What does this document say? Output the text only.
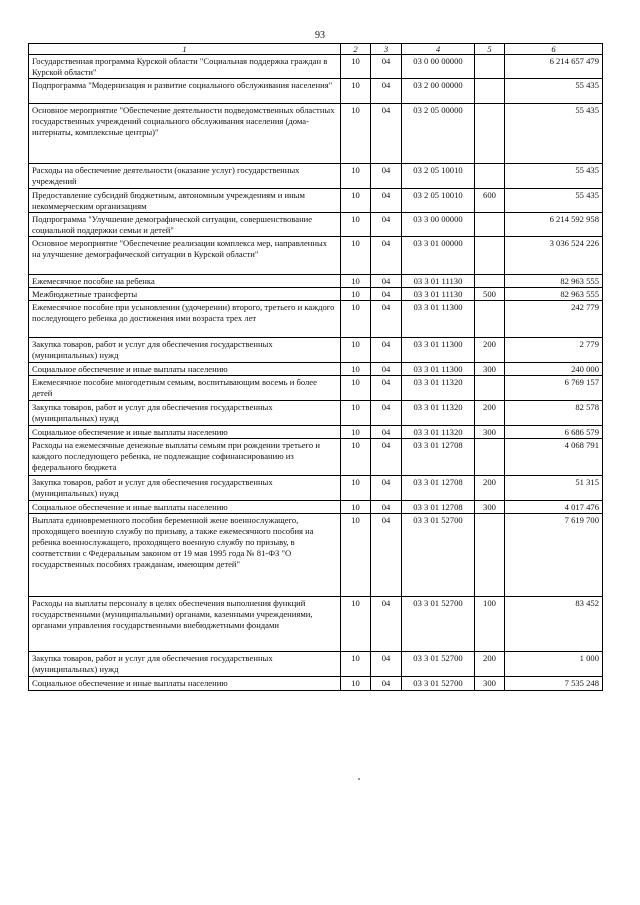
93
1	2	3	4	5	6
Государственная программа Курской области "Социальная поддержка граждан в Курской области"	10	04	03 0 00 00000		6 214 657 479
Подпрограмма "Модернизация и развитие социального обслуживания населения"	10	04	03 2 00 00000		55 435
Основное мероприятие "Обеспечение деятельности подведомственных областных государственных учреждений социального обслуживания населения (дома-интернаты, комплексные центры)"	10	04	03 2 05 00000		55 435
Расходы на обеспечение деятельности (оказание услуг) государственных учреждений	10	04	03 2 05 10010		55 435
Предоставление субсидий бюджетным, автономным учреждениям и иным некоммерческим организациям	10	04	03 2 05 10010	600	55 435
Подпрограмма "Улучшение демографической ситуации, совершенствование социальной поддержки семьи и детей"	10	04	03 3 00 00000		6 214 592 958
Основное мероприятие "Обеспечение реализации комплекса мер, направленных на улучшение демографической ситуации в Курской области"	10	04	03 3 01 00000		3 036 524 226
Ежемесячное пособие на ребенка	10	04	03 3 01 11130		82 963 555
Межбюджетные трансферты	10	04	03 3 01 11130	500	82 963 555
Ежемесячное пособие при усыновлении (удочерении) второго, третьего и каждого последующего ребенка до достижения ими возраста трех лет	10	04	03 3 01 11300		242 779
Закупка товаров, работ и услуг для обеспечения государственных (муниципальных) нужд	10	04	03 3 01 11300	200	2 779
Социальное обеспечение и иные выплаты населению	10	04	03 3 01 11300	300	240 000
Ежемесячное пособие многодетным семьям, воспитывающим восемь и более детей	10	04	03 3 01 11320		6 769 157
Закупка товаров, работ и услуг для обеспечения государственных (муниципальных) нужд	10	04	03 3 01 11320	200	82 578
Социальное обеспечение и иные выплаты населению	10	04	03 3 01 11320	300	6 686 579
Расходы на ежемесячные денежные выплаты семьям при рождении третьего и каждого последующего ребенка, не подлежащие софинансированию из федерального бюджета	10	04	03 3 01 12708		4 068 791
Закупка товаров, работ и услуг для обеспечения государственных (муниципальных) нужд	10	04	03 3 01 12708	200	51 315
Социальное обеспечение и иные выплаты населению	10	04	03 3 01 12708	300	4 017 476
Выплата единовременного пособия беременной жене военнослужащего, проходящего военную службу по призыву, а также ежемесячного пособия на ребенка военнослужащего, проходящего военную службу по призыву, в соответствии с Федеральным законом от 19 мая 1995 года № 81-ФЗ "О государственных пособиях гражданам, имеющим детей"	10	04	03 3 01 52700		7 619 700
Расходы на выплаты персоналу в целях обеспечения выполнения функций государственными (муниципальными) органами, казенными учреждениями, органами управления государственными внебюджетными фондами	10	04	03 3 01 52700	100	83 452
Закупка товаров, работ и услуг для обеспечения государственных (муниципальных) нужд	10	04	03 3 01 52700	200	1 000
Социальное обеспечение и иные выплаты населению	10	04	03 3 01 52700	300	7 535 248
